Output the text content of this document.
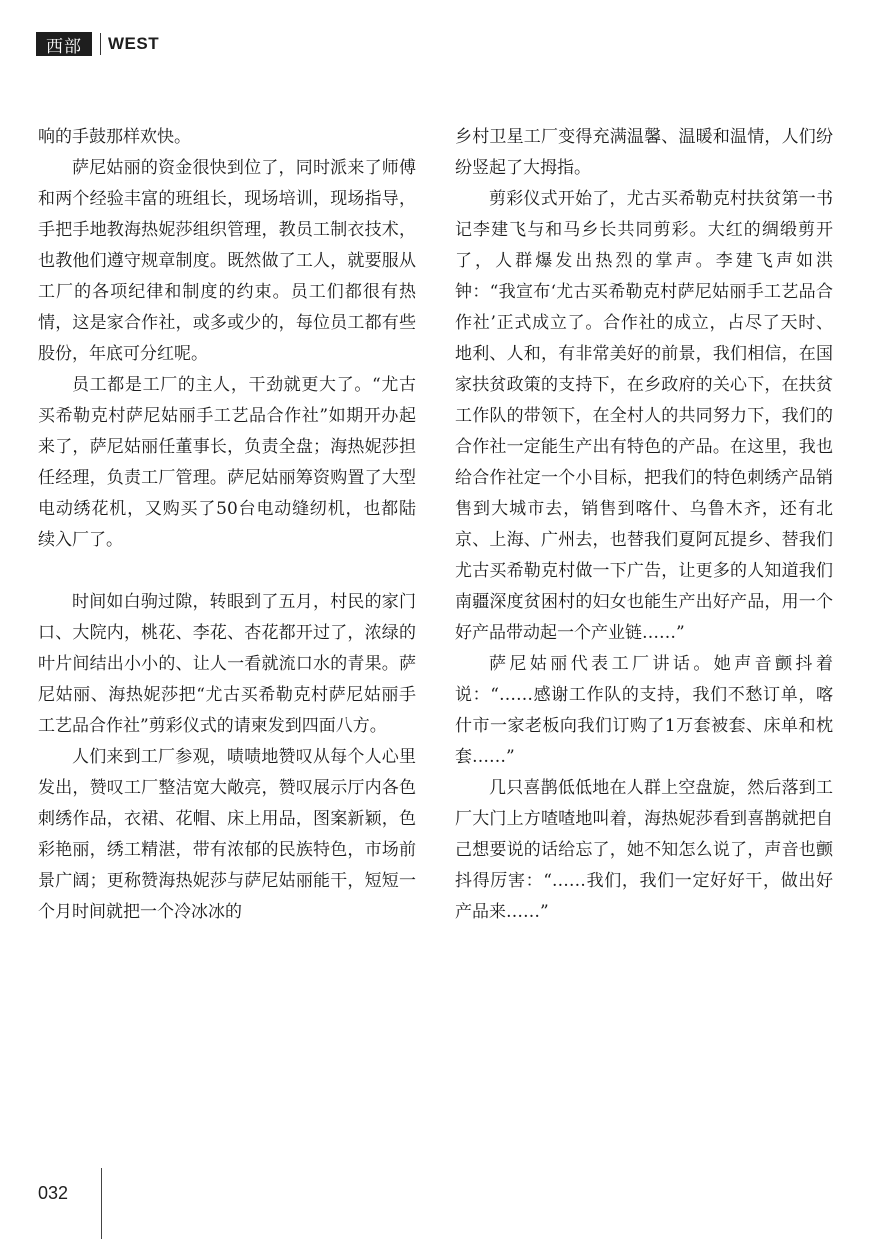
西部	WEST

响的手鼓那样欢快。

萨尼姑丽的资金很快到位了，同时派来了师傅和两个经验丰富的班组长，现场培训，现场指导，手把手地教海热妮莎组织管理，教员工制衣技术，也教他们遵守规章制度。既然做了工人，就要服从工厂的各项纪律和制度的约束。员工们都很有热情，这是家合作社，或多或少的，每位员工都有些股份，年底可分红呢。

员工都是工厂的主人，干劲就更大了。“尤古买希勒克村萨尼姑丽手工艺品合作社”如期开办起来了，萨尼姑丽任董事长，负责全盘；海热妮莎担任经理，负责工厂管理。萨尼姑丽筹资购置了大型电动绣花机，又购买了50台电动缝纫机，也都陆续入厂了。

时间如白驹过隙，转眼到了五月，村民的家门口、大院内，桃花、李花、杏花都开过了，浓绿的叶片间结出小小的、让人一看就流口水的青果。萨尼姑丽、海热妮莎把“尤古买希勒克村萨尼姑丽手工艺品合作社”剪彩仪式的请柬发到四面八方。

人们来到工厂参观，啧啧地赞叹从每个人心里发出，赞叹工厂整洁宽大敞亮，赞叹展示厅内各色刺绣作品，衣裙、花帽、床上用品，图案新颖，色彩艳丽，绣工精湛，带有浓郁的民族特色，市场前景广阔；更称赞海热妮莎与萨尼姑丽能干，短短一个月时间就把一个冷冰冰的

乡村卫星工厂变得充满温馨、温暖和温情，人们纷纷竖起了大拇指。

剪彩仪式开始了，尤古买希勒克村扶贫第一书记李建飞与和马乡长共同剪彩。大红的绸缎剪开了，人群爆发出热烈的掌声。李建飞声如洪钟：“我宣布‘尤古买希勒克村萨尼姑丽手工艺品合作社’正式成立了。合作社的成立，占尽了天时、地利、人和，有非常美好的前景，我们相信，在国家扶贫政策的支持下，在乡政府的关心下，在扶贫工作队的带领下，在全村人的共同努力下，我们的合作社一定能生产出有特色的产品。在这里，我也给合作社定一个小目标，把我们的特色刺绣产品销售到大城市去，销售到喀什、乌鲁木齐，还有北京、上海、广州去，也替我们夏阿瓦提乡、替我们尤古买希勒克村做一下广告，让更多的人知道我们南疆深度贫困村的妇女也能生产出好产品，用一个好产品带动起一个产业链……”

萨尼姑丽代表工厂讲话。她声音颤抖着说：“……感谢工作队的支持，我们不愁订单，喀什市一家老板向我们订购了1万套被套、床单和枕套……”

几只喜鹊低低地在人群上空盘旋，然后落到工厂大门上方喳喳地叫着，海热妮莎看到喜鹊就把自己想要说的话给忘了，她不知怎么说了，声音也颤抖得厉害：“……我们，我们一定好好干，做出好产品来……”

032
